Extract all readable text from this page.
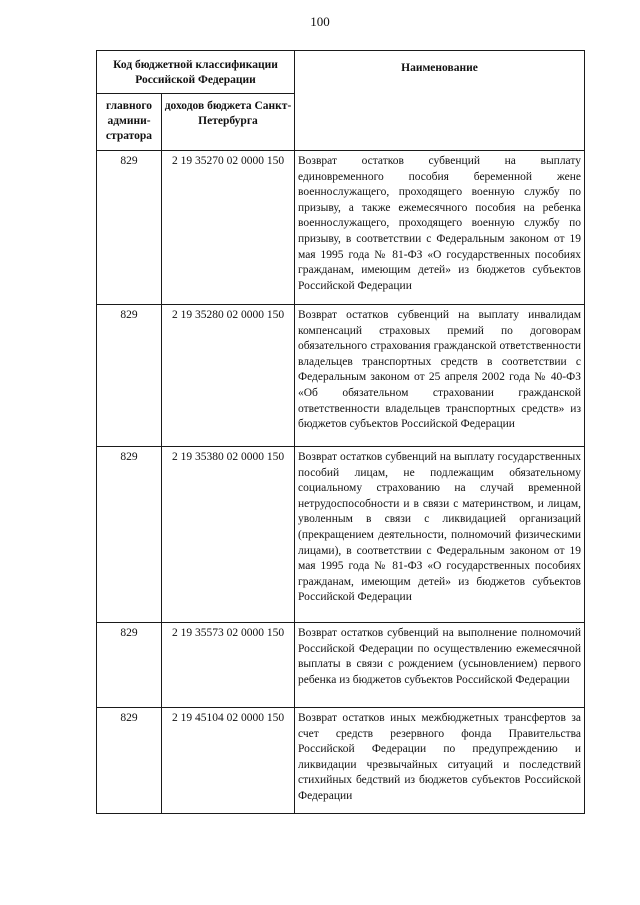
100
Код бюджетной классификации Российской Федерации		Наименование
главного админи-стратора	доходов бюджета Санкт-Петербурга	
829	2 19 35270 02 0000 150	Возврат остатков субвенций на выплату единовременного пособия беременной жене военнослужащего, проходящего военную службу по призыву, а также ежемесячного пособия на ребенка военнослужащего, проходящего военную службу по призыву, в соответствии с Федеральным законом от 19 мая 1995 года № 81-ФЗ «О государственных пособиях гражданам, имеющим детей» из бюджетов субъектов Российской Федерации
829	2 19 35280 02 0000 150	Возврат остатков субвенций на выплату инвалидам компенсаций страховых премий по договорам обязательного страхования гражданской ответственности владельцев транспортных средств в соответствии с Федеральным законом от 25 апреля 2002 года № 40-ФЗ «Об обязательном страховании гражданской ответственности владельцев транспортных средств» из бюджетов субъектов Российской Федерации
829	2 19 35380 02 0000 150	Возврат остатков субвенций на выплату государственных пособий лицам, не подлежащим обязательному социальному страхованию на случай временной нетрудоспособности и в связи с материнством, и лицам, уволенным в связи с ликвидацией организаций (прекращением деятельности, полномочий физическими лицами), в соответствии с Федеральным законом от 19 мая 1995 года № 81-ФЗ «О государственных пособиях гражданам, имеющим детей» из бюджетов субъектов Российской Федерации
829	2 19 35573 02 0000 150	Возврат остатков субвенций на выполнение полномочий Российской Федерации по осуществлению ежемесячной выплаты в связи с рождением (усыновлением) первого ребенка из бюджетов субъектов Российской Федерации
829	2 19 45104 02 0000 150	Возврат остатков иных межбюджетных трансфертов за счет средств резервного фонда Правительства Российской Федерации по предупреждению и ликвидации чрезвычайных ситуаций и последствий стихийных бедствий из бюджетов субъектов Российской Федерации
